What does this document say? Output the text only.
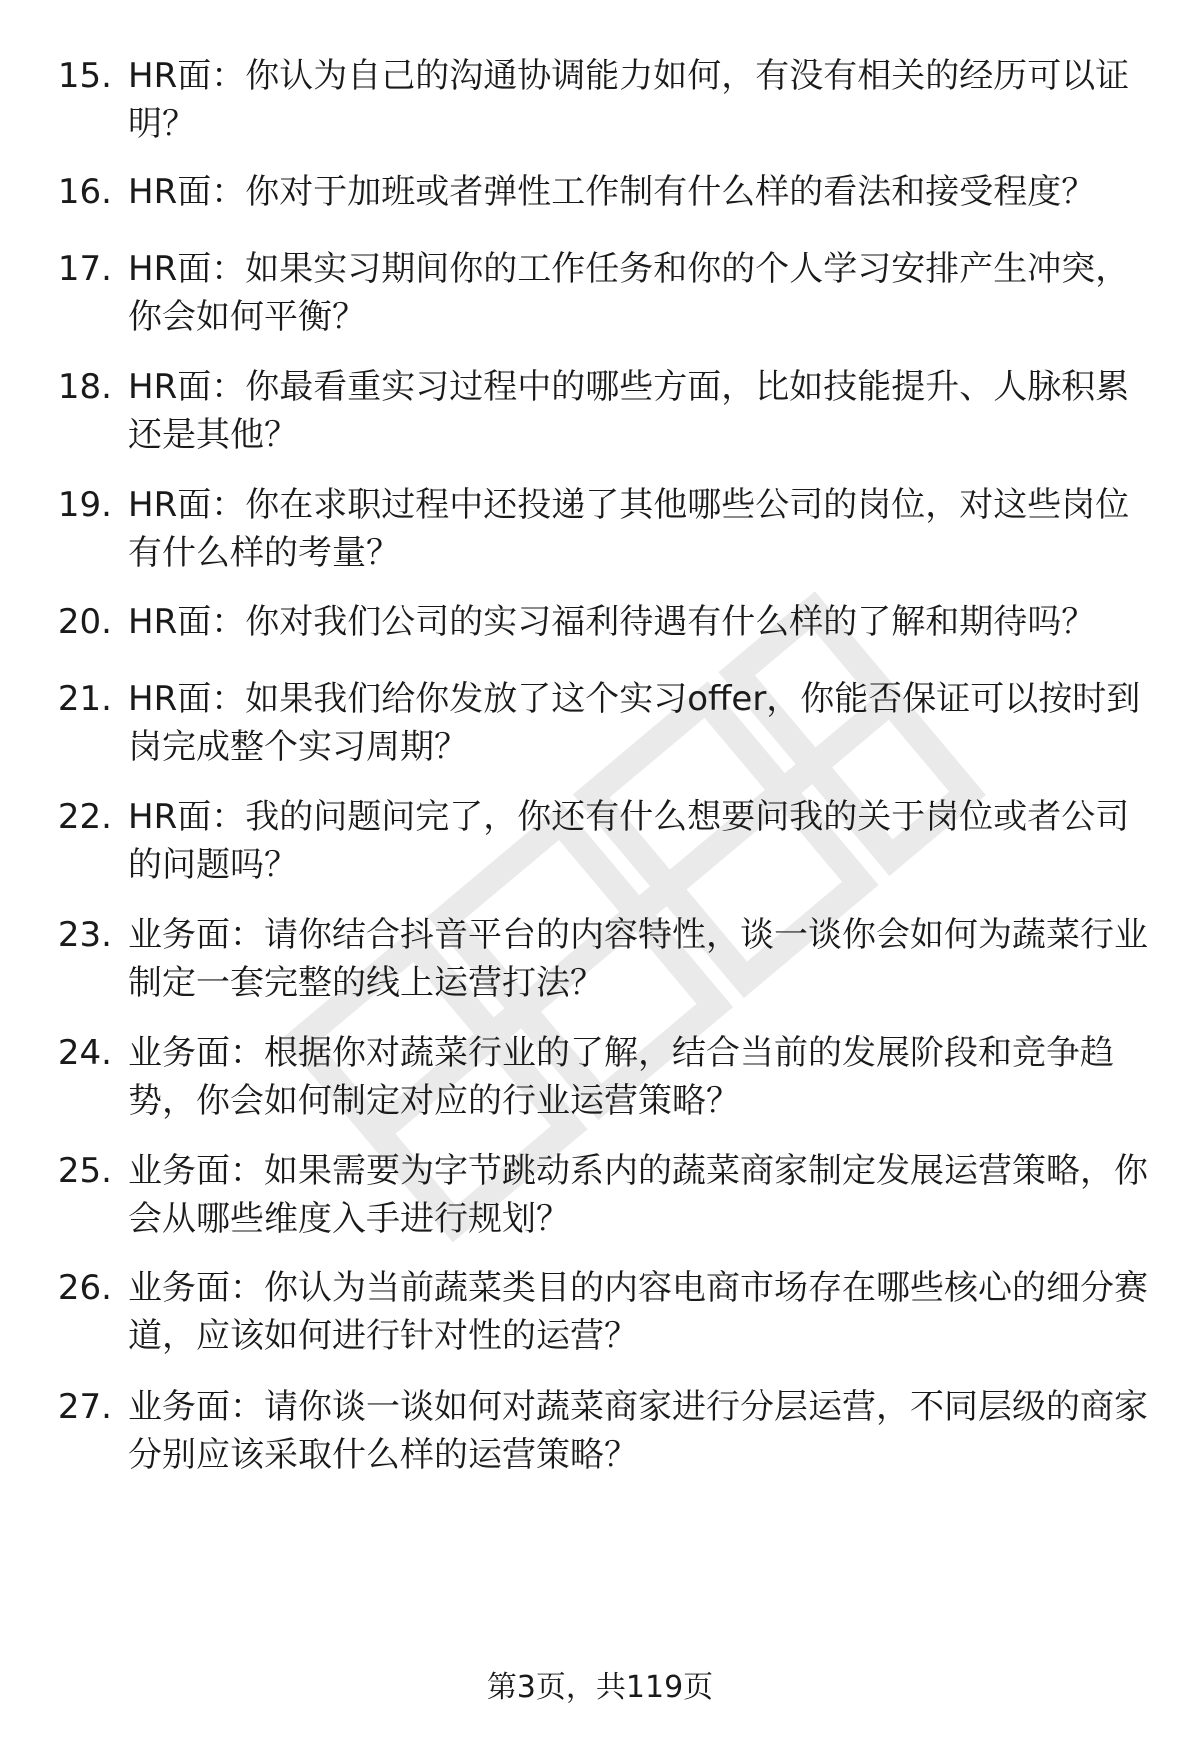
15. HR面：你认为自己的沟通协调能力如何，有没有相关的经历可以证明？
16. HR面：你对于加班或者弹性工作制有什么样的看法和接受程度？
17. HR面：如果实习期间你的工作任务和你的个人学习安排产生冲突，你会如何平衡？
18. HR面：你最看重实习过程中的哪些方面，比如技能提升、人脉积累还是其他？
19. HR面：你在求职过程中还投递了其他哪些公司的岗位，对这些岗位有什么样的考量？
20. HR面：你对我们公司的实习福利待遇有什么样的了解和期待吗？
21. HR面：如果我们给你发放了这个实习offer，你能否保证可以按时到岗完成整个实习周期？
22. HR面：我的问题问完了，你还有什么想要问我的关于岗位或者公司的问题吗？
23. 业务面：请你结合抖音平台的内容特性，谈一谈你会如何为蔬菜行业制定一套完整的线上运营打法？
24. 业务面：根据你对蔬菜行业的了解，结合当前的发展阶段和竞争趋势，你会如何制定对应的行业运营策略？
25. 业务面：如果需要为字节跳动系内的蔬菜商家制定发展运营策略，你会从哪些维度入手进行规划？
26. 业务面：你认为当前蔬菜类目的内容电商市场存在哪些核心的细分赛道，应该如何进行针对性的运营？
27. 业务面：请你谈一谈如何对蔬菜商家进行分层运营，不同层级的商家分别应该采取什么样的运营策略？
第3页，共119页
